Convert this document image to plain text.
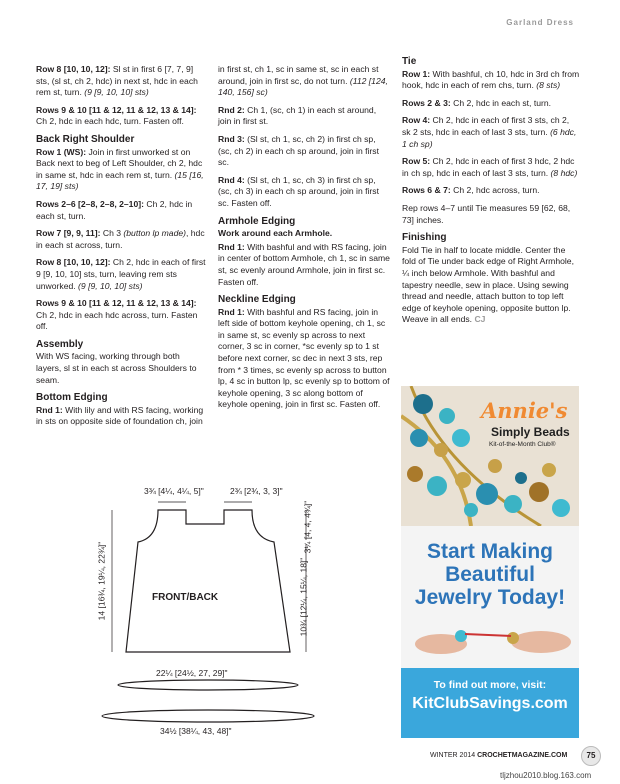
Garland Dress

Row 8 [10, 10, 12]: Sl st in first 6 [7, 7, 9] sts, (sl st, ch 2, hdc) in next st, hdc in each rem st, turn. (9 [9, 10, 10] sts)

Rows 9 & 10 [11 & 12, 11 & 12, 13 & 14]: Ch 2, hdc in each hdc, turn. Fasten off.

Back Right Shoulder

Row 1 (WS): Join in first unworked st on Back next to beg of Left Shoulder, ch 2, hdc in same st, hdc in each rem st, turn. (15 [16, 17, 19] sts)

Rows 2–6 [2–8, 2–8, 2–10]: Ch 2, hdc in each st, turn.

Row 7 [9, 9, 11]: Ch 3 (button lp made), hdc in each st across, turn.

Row 8 [10, 10, 12]: Ch 2, hdc in each of first 9 [9, 10, 10] sts, turn, leaving rem sts unworked. (9 [9, 10, 10] sts)

Rows 9 & 10 [11 & 12, 11 & 12, 13 & 14]: Ch 2, hdc in each hdc across, turn. Fasten off.

Assembly

With WS facing, working through both layers, sl st in each st across Shoulders to seam.

Bottom Edging

Rnd 1: With lily and with RS facing, working in sts on opposite side of foundation ch, join

in first st, ch 1, sc in same st, sc in each st around, join in first sc, do not turn. (112 [124, 140, 156] sc)

Rnd 2: Ch 1, (sc, ch 1) in each st around, join in first st.

Rnd 3: (Sl st, ch 1, sc, ch 2) in first ch sp, (sc, ch 2) in each ch sp around, join in first sc.

Rnd 4: (Sl st, ch 1, sc, ch 3) in first ch sp, (sc, ch 3) in each ch sp around, join in first sc. Fasten off.

Armhole Edging
Work around each Armhole.

Rnd 1: With bashful and with RS facing, join in center of bottom Armhole, ch 1, sc in same st, sc evenly around Armhole, join in first sc. Fasten off.

Neckline Edging

Rnd 1: With bashful and RS facing, join in left side of bottom keyhole opening, ch 1, sc in same st, sc evenly sp across to next corner, 3 sc in corner, *sc evenly sp to 1 st before next corner, sc dec in next 3 sts, rep from * 3 times, sc evenly sp across to button lp, 4 sc in button lp, sc evenly sp to bottom of keyhole opening, 3 sc along bottom of keyhole opening, join in first sc. Fasten off.

Tie

Row 1: With bashful, ch 10, hdc in 3rd ch from hook, hdc in each of rem chs, turn. (8 sts)

Rows 2 & 3: Ch 2, hdc in each st, turn.

Row 4: Ch 2, hdc in each of first 3 sts, ch 2, sk 2 sts, hdc in each of last 3 sts, turn. (6 hdc, 1 ch sp)

Row 5: Ch 2, hdc in each of first 3 hdc, 2 hdc in ch sp, hdc in each of last 3 sts, turn. (8 hdc)

Rows 6 & 7: Ch 2, hdc across, turn.

Rep rows 4–7 until Tie measures 59 [62, 68, 73] inches.

Finishing

Fold Tie in half to locate middle. Center the fold of Tie under back edge of Right Armhole, ¼ inch below Armhole. With bashful and tapestry needle, sew in place. Using sewing thread and needle, attach button to top left edge of keyhole opening, opposite button lp. Weave in all ends. CJ

3¾ [4¼, 4¼, 5]"	2¾ [2¾, 3, 3]"
3¼ [4, 4, 4¾]"
10¾ [12¼, 15¼, 18]"
14 [16¾, 19¼, 22¾]"	FRONT/BACK
22¼ [24½, 27, 29]"
34½ [38¼, 43, 48]"
Annie's
Simply Beads
Kit-of-the-Month Club®
Start Making
Beautiful
Jewelry Today!
To find out more, visit:
KitClubSavings.com
WINTER 2014 CROCHETMAGAZINE.COM	75
tljzhou2010.blog.163.com
